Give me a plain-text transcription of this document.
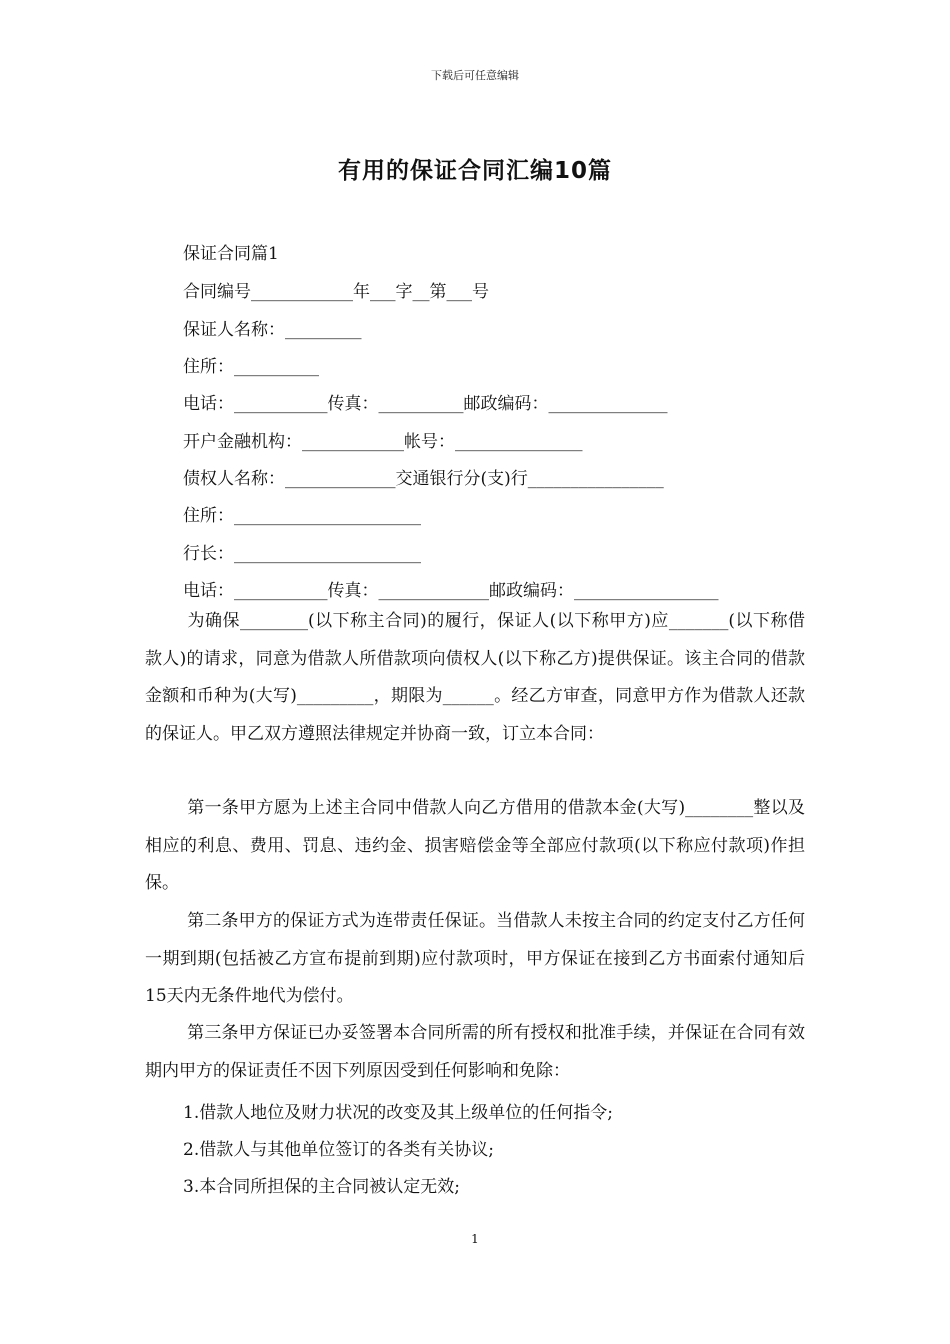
下载后可任意编辑
有用的保证合同汇编10篇
保证合同篇1
合同编号____________年___字__第___号
保证人名称：_________
住所：__________
电话：___________传真：__________邮政编码：______________
开户金融机构：____________帐号：_______________
债权人名称：_____________交通银行分(支)行________________
住所：______________________
行长：______________________
电话：___________传真：_____________邮政编码：_________________
为确保________(以下称主合同)的履行，保证人(以下称甲方)应_______(以下称借款人)的请求，同意为借款人所借款项向债权人(以下称乙方)提供保证。该主合同的借款金额和币种为(大写)_________，期限为______。经乙方审查，同意甲方作为借款人还款的保证人。甲乙双方遵照法律规定并协商一致，订立本合同：
第一条甲方愿为上述主合同中借款人向乙方借用的借款本金(大写)________整以及相应的利息、费用、罚息、违约金、损害赔偿金等全部应付款项(以下称应付款项)作担保。
第二条甲方的保证方式为连带责任保证。当借款人未按主合同的约定支付乙方任何一期到期(包括被乙方宣布提前到期)应付款项时，甲方保证在接到乙方书面索付通知后15天内无条件地代为偿付。
第三条甲方保证已办妥签署本合同所需的所有授权和批准手续，并保证在合同有效期内甲方的保证责任不因下列原因受到任何影响和免除：
1.借款人地位及财力状况的改变及其上级单位的任何指令;
2.借款人与其他单位签订的各类有关协议;
3.本合同所担保的主合同被认定无效;
1
